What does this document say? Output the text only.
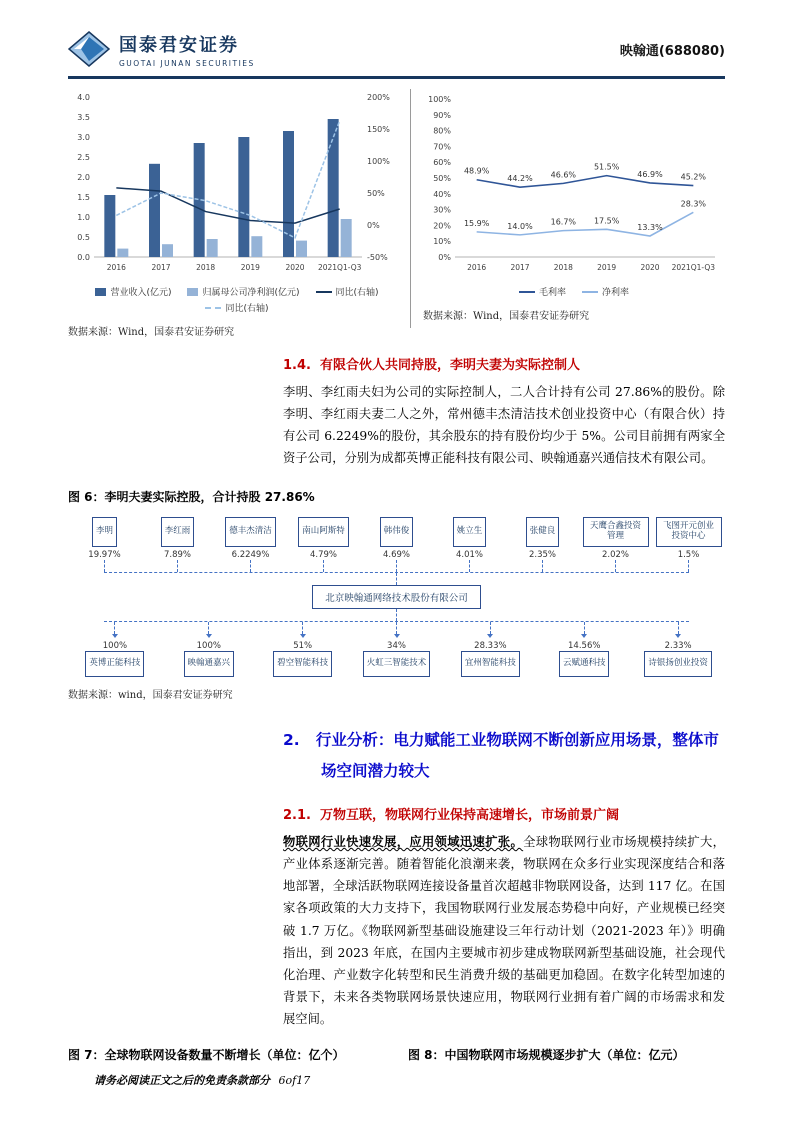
国泰君安证券
GUOTAI JUNAN SECURITIES
映翰通(688080)
0.0
0.5
1.0
1.5
2.0
2.5
3.0
3.5
4.0
-50%
0%
50%
100%
150%
200%
2016	2017	2018	2019	2020 2021Q1-Q3
营业收入(亿元)	归属母公司净利润(亿元)	同比(右轴)
同比(右轴)
数据来源：Wind，国泰君安证券研究
0%
10%
20%
30%
40%
50%
60%
70%
80%
90%
100%
2016	2017	2018	2019	2020 2021Q1-Q3
48.9%
44.2% 46.6%
51.5%
46.9% 45.2%
15.9% 14.0% 16.7% 17.5%
13.3%
28.3%
毛利率	净利率
数据来源：Wind，国泰君安证券研究
1.4.  有限合伙人共同持股，李明夫妻为实际控制人

李明、李红雨夫妇为公司的实际控制人，二人合计持有公司 27.86%的股份。除李明、李红雨夫妻二人之外，常州德丰杰清洁技术创业投资中心（有限合伙）持有公司 6.2249%的股份，其余股东的持有股份均少于 5%。公司目前拥有两家全资子公司，分别为成都英博正能科技有限公司、映翰通嘉兴通信技术有限公司。

图 6：李明夫妻实际控股，合计持股 27.86%
李明
19.97%
李红雨
7.89%
德丰杰清洁
6.2249%
南山阿斯特
4.79%
韩伟俊
4.69%
姚立生
4.01%
张健良
2.35%
天鹰合鑫投资管理
2.02%
飞图开元创业投资中心
1.5%
北京映翰通网络技术股份有限公司
100%
英博正能科技
100%
映翰通嘉兴
51%
碧空智能科技
34%
火虹三智能技术
28.33%
宜州智能科技
14.56%
云赋通科技
2.33%
诗银扬创业投资
数据来源：wind，国泰君安证券研究
2.   行业分析：电力赋能工业物联网不断创新应用场景，整体市场空间潜力较大
2.1.  万物互联，物联网行业保持高速增长，市场前景广阔

物联网行业快速发展，应用领域迅速扩张。全球物联网行业市场规模持续扩大，产业体系逐渐完善。随着智能化浪潮来袭，物联网在众多行业实现深度结合和落地部署，全球活跃物联网连接设备量首次超越非物联网设备，达到 117 亿。在国家各项政策的大力支持下，我国物联网行业发展态势稳中向好，产业规模已经突破 1.7 万亿。《物联网新型基础设施建设三年行动计划（2021-2023 年）》明确指出，到 2023 年底，在国内主要城市初步建成物联网新型基础设施，社会现代化治理、产业数字化转型和民生消费升级的基础更加稳固。在数字化转型加速的背景下，未来各类物联网场景快速应用，物联网行业拥有着广阔的市场需求和发展空间。

图 7：全球物联网设备数量不断增长（单位：亿个）	图 8：中国物联网市场规模逐步扩大（单位：亿元）
请务必阅读正文之后的免责条款部分 6of17
